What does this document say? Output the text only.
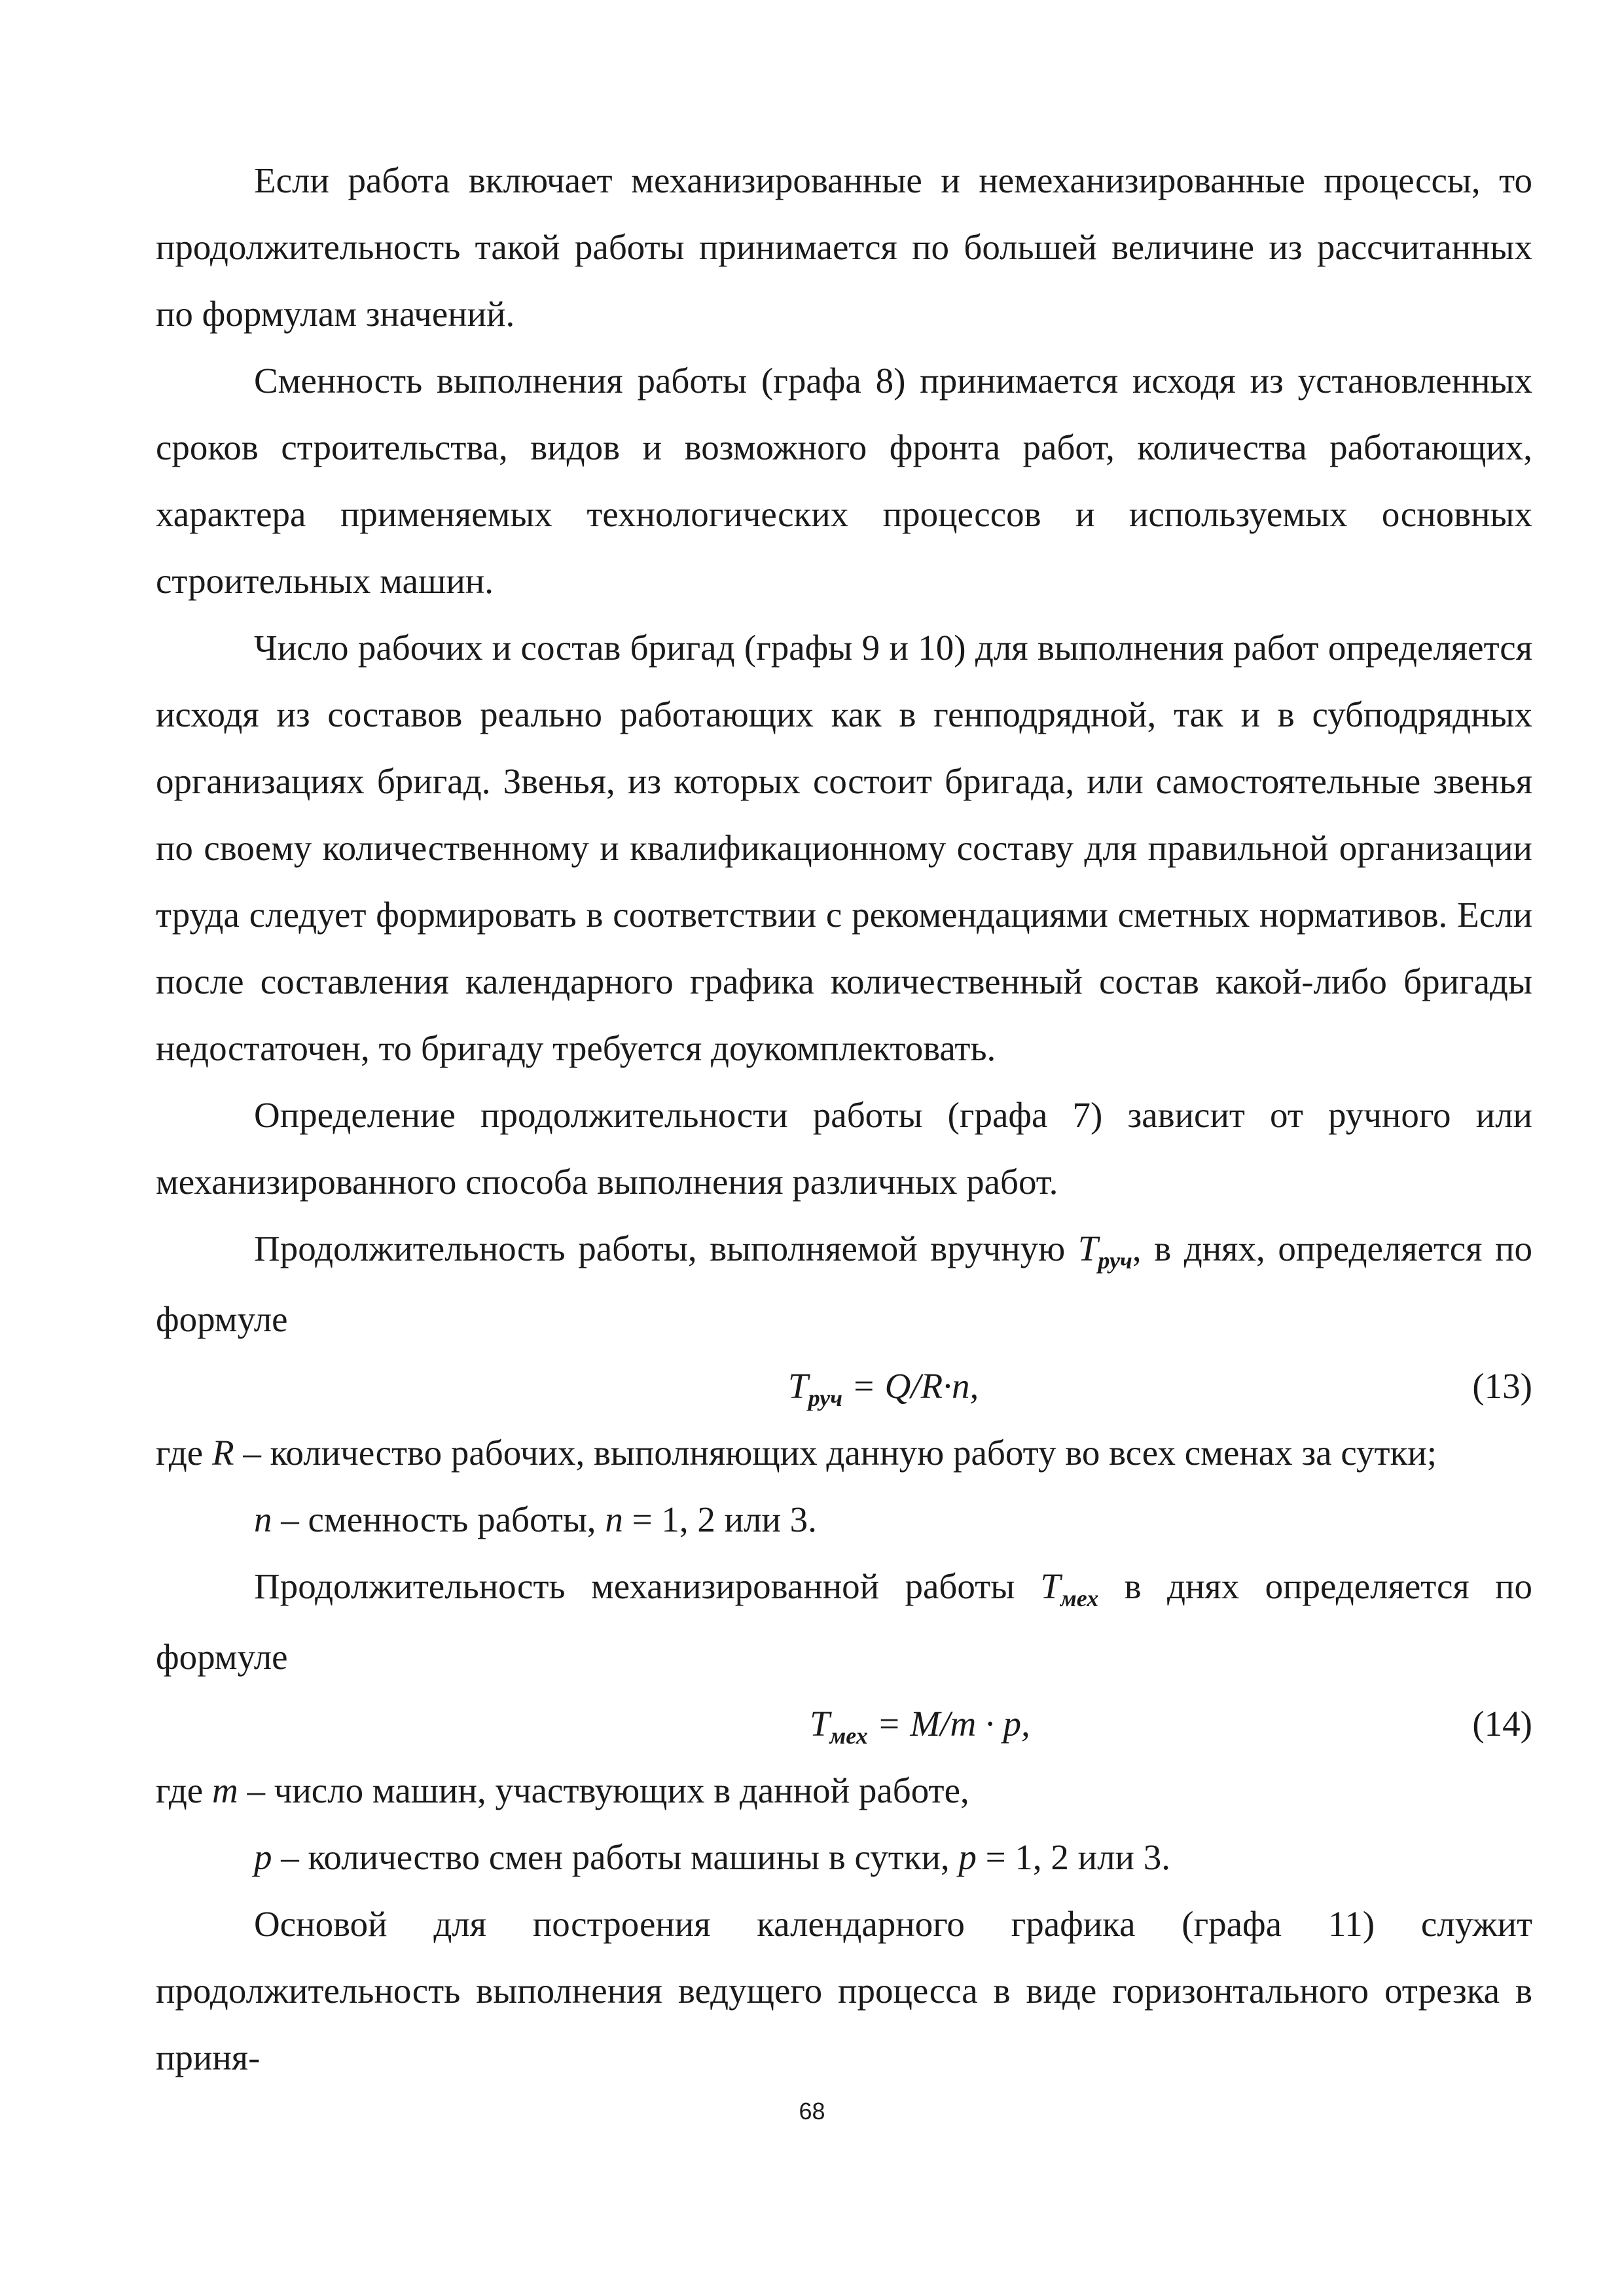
Если работа включает механизированные и немеханизированные процессы, то продолжительность такой работы принимается по большей величине из рассчитанных по формулам значений.

Сменность выполнения работы (графа 8) принимается исходя из установленных сроков строительства, видов и возможного фронта работ, количества работающих, характера применяемых технологических процессов и используемых основных строительных машин.

Число рабочих и состав бригад (графы 9 и 10) для выполнения работ определяется исходя из составов реально работающих как в генподрядной, так и в субподрядных организациях бригад. Звенья, из которых состоит бригада, или самостоятельные звенья по своему количественному и квалификационному составу для правильной организации труда следует формировать в соответствии с рекомендациями сметных нормативов. Если после составления календарного графика количественный состав какой-либо бригады недостаточен, то бригаду требуется доукомплектовать.

Определение продолжительности работы (графа 7) зависит от ручного или механизированного способа выполнения различных работ.

Продолжительность работы, выполняемой вручную $T_{руч}$, в днях, определяется по формуле

$T_{руч} = Q/R\cdot n$,	(13)

где R – количество рабочих, выполняющих данную работу во всех сменах за сутки;

n – сменность работы, n = 1, 2 или 3.

Продолжительность механизированной работы $T_{мех}$ в днях определяется по формуле

$T_{мех} = M/m \cdot p$,	(14)

где m – число машин, участвующих в данной работе,

p – количество смен работы машины в сутки, p = 1, 2 или 3.

Основой для построения календарного графика (графа 11) служит продолжительность выполнения ведущего процесса в виде горизонтального отрезка в приня-

68
